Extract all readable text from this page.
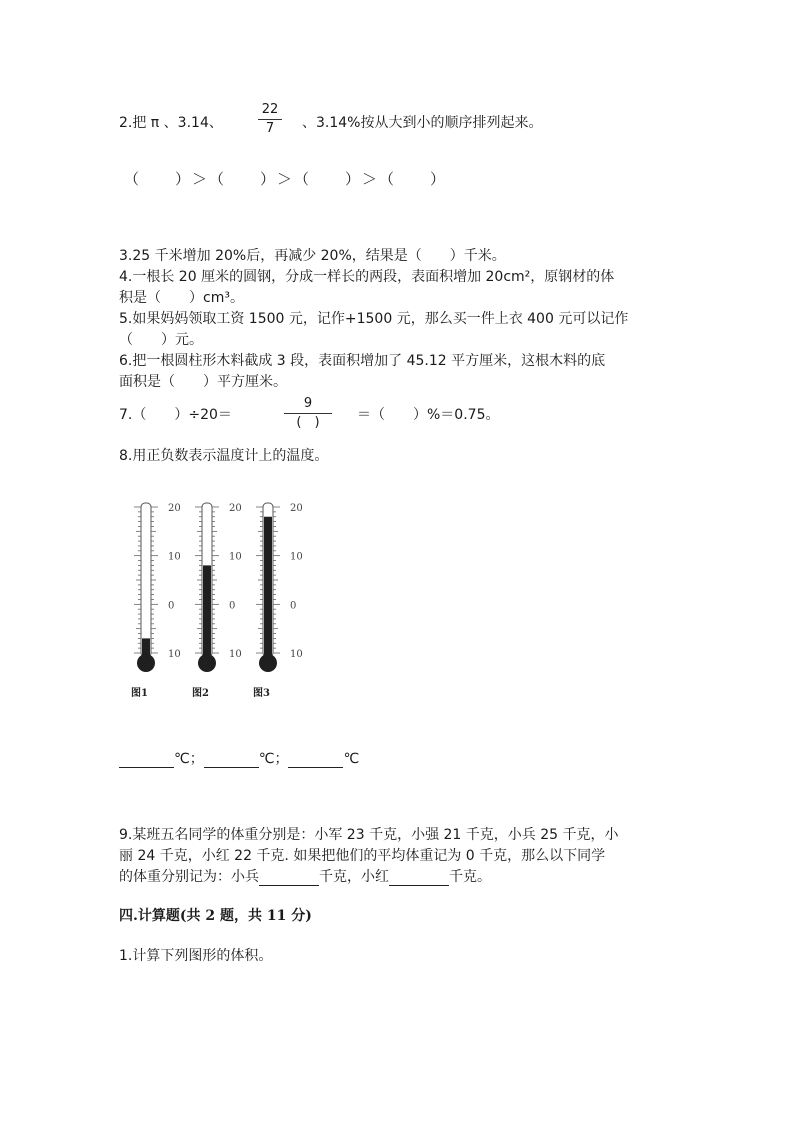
2.把 π 、3.14、
22
7	、3.14%按从大到小的顺序排列起来。
（　　）＞（　　）＞（　　）＞（　　）
3.25 千米增加 20%后，再减少 20%，结果是（　　）千米。
4.一根长 20 厘米的圆钢，分成一样长的两段，表面积增加 20cm²，原钢材的体
积是（　　）cm³。
5.如果妈妈领取工资 1500 元，记作+1500 元，那么买一件上衣 400 元可以记作
（　　）元。
6.把一根圆柱形木料截成 3 段，表面积增加了 45.12 平方厘米，这根木料的底
面积是（　　）平方厘米。
7.（　　）÷20＝
9
(　)	＝（　　）%＝0.75。
8.用正负数表示温度计上的温度。
20
10
0
10
图1
20
10
0
10
图2
20
10
0
10
图3
℃；	℃；	℃
9.某班五名同学的体重分别是：小军 23 千克，小强 21 千克，小兵 25 千克，小
丽 24 千克，小红 22 千克. 如果把他们的平均体重记为 0 千克，那么以下同学
的体重分别记为：小兵	千克，小红	千克。
四.计算题(共 2 题，共 11 分)
1.计算下列图形的体积。
